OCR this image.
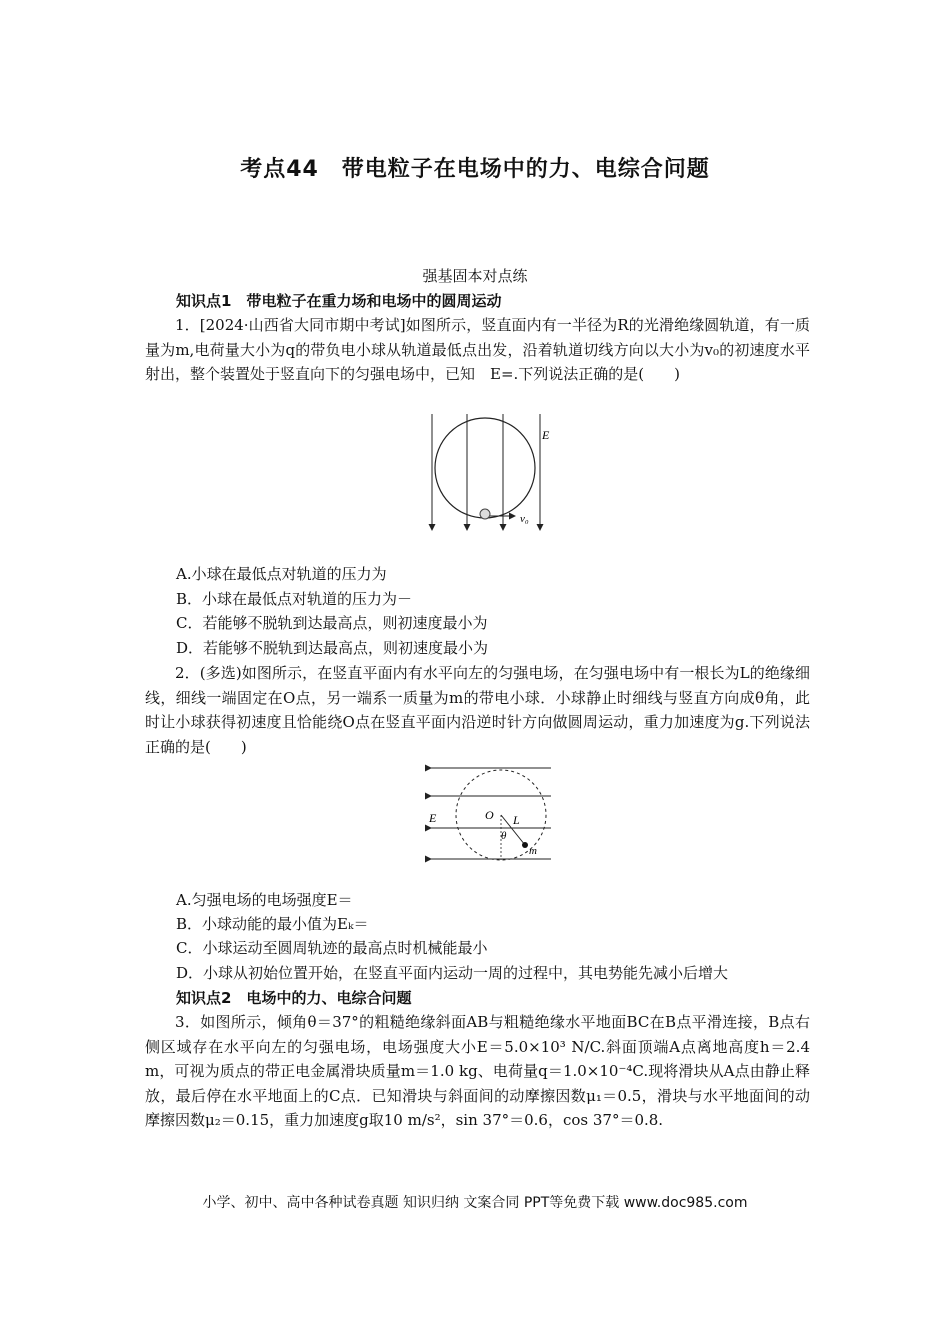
考点44　带电粒子在电场中的力、电综合问题
强基固本对点练
知识点1　带电粒子在重力场和电场中的圆周运动
1．[2024·山西省大同市期中考试]如图所示，竖直面内有一半径为R的光滑绝缘圆轨道，有一质量为m,电荷量大小为q的带负电小球从轨道最低点出发，沿着轨道切线方向以大小为v₀的初速度水平射出，整个装置处于竖直向下的匀强电场中，已知　E=.下列说法正确的是(　　)
E
v₀
A.小球在最低点对轨道的压力为
B．小球在最低点对轨道的压力为－
C．若能够不脱轨到达最高点，则初速度最小为
D．若能够不脱轨到达最高点，则初速度最小为
2．(多选)如图所示，在竖直平面内有水平向左的匀强电场，在匀强电场中有一根长为L的绝缘细线，细线一端固定在O点，另一端系一质量为m的带电小球．小球静止时细线与竖直方向成θ角，此时让小球获得初速度且恰能绕O点在竖直平面内沿逆时针方向做圆周运动，重力加速度为g.下列说法正确的是(　　)
O L
θ
m
E
A.匀强电场的电场强度E＝
B．小球动能的最小值为Eₖ＝
C．小球运动至圆周轨迹的最高点时机械能最小
D．小球从初始位置开始，在竖直平面内运动一周的过程中，其电势能先减小后增大
知识点2　电场中的力、电综合问题
3．如图所示，倾角θ＝37°的粗糙绝缘斜面AB与粗糙绝缘水平地面BC在B点平滑连接，B点右侧区域存在水平向左的匀强电场，电场强度大小E＝5.0×10³ N/C.斜面顶端A点离地高度h＝2.4 m，可视为质点的带正电金属滑块质量m＝1.0 kg、电荷量q＝1.0×10⁻⁴C.现将滑块从A点由静止释放，最后停在水平地面上的C点．已知滑块与斜面间的动摩擦因数μ₁＝0.5，滑块与水平地面间的动摩擦因数μ₂＝0.15，重力加速度g取10 m/s²，sin 37°＝0.6，cos 37°＝0.8.
小学、初中、高中各种试卷真题 知识归纳 文案合同 PPT等免费下载 www.doc985.com
